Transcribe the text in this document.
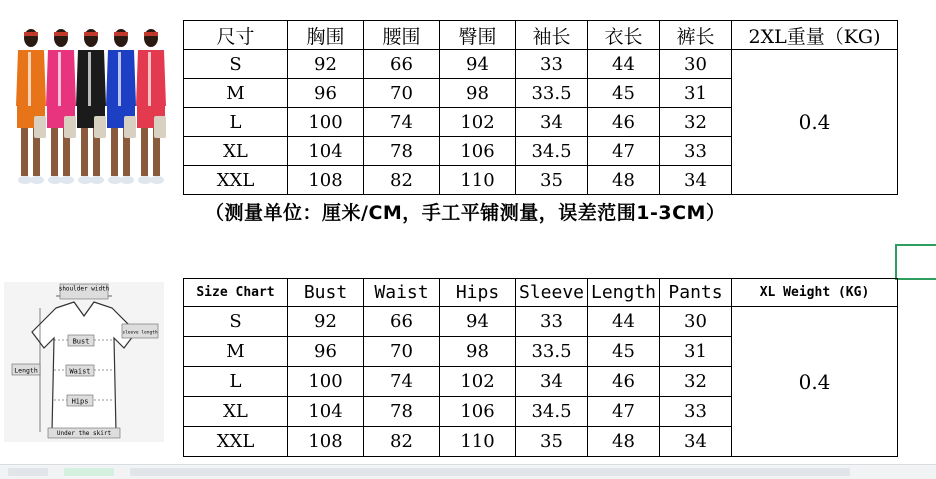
尺寸	胸围	腰围	臀围	袖长	衣长	裤长	2XL重量（KG)
S	92	66	94	33	44	30	0.4
M	96	70	98	33.5	45	31	
L	100	74	102	34	46	32	
XL	104	78	106	34.5	47	33	
XXL	108	82	110	35	48	34	
（测量单位：厘米/CM，手工平铺测量，误差范围1-3CM）
shoulder width
Bust
Waist
Hips
Length
sleeve length
Under the skirt
Size Chart	Bust	Waist	Hips	Sleeve	Length	Pants	XL Weight (KG)
S	92	66	94	33	44	30	0.4
M	96	70	98	33.5	45	31	
L	100	74	102	34	46	32	
XL	104	78	106	34.5	47	33	
XXL	108	82	110	35	48	34	
